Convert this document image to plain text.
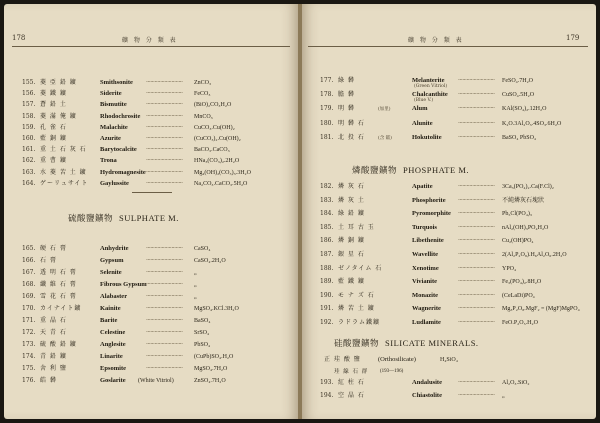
178	礦 物 分 類 表
155. 菱 亞 鉛 鑛	Smithsonite ··························	ZnCO₃
156. 菱 鐵 鑛	Siderite	··························	FeCO₃
157. 蒼 鉛 土	Bismutite	··························	(BiO)₂CO₃H₂O
158. 菱 滿 俺 鑛	Rhodochrosite ··························	MnCO₃
159. 孔 雀 石	Malachite	··························	CuCO₃.Cu(OH)₂
160. 藍 銅 鑛	Azurite	··························	(CuCO₃)₂.Cu(OH)₂
161. 重 土 石 灰 石 Barytocalcite ··························	BaCO₃.CaCO₃
162. 重 曹 鑛	Trona	··························	HNa₃(CO₃)₂.2H₂O
163. 水 菱 苦 土 鑛 Hydromagnesite ··························	Mg₄(OH)₂(CO₃)₃.3H₂O
164. ゲーリュサイト Gaylussite	··························	Na₂CO₃.CaCO₃.5H₂O
硫酸鹽鑛物 SULPHATE M.
165. 硬 石 膏	Anhydrite	··························	CaSO₄
166. 石 膏	Gypsum	··························	CaSO₄.2H₂O
167. 透 明 石 膏	Selenite	··························	„
168. 纖 維 石 膏	Fibrous Gypsum ··························	„
169. 雪 花 石 膏	Alabaster	··························	„
170. カイナイト鑛	Kainite	··························	MgSO₄.KCl.3H₂O
171. 重 晶 石	Barite	··························	BaSO₄
172. 天 青 石	Celestine	··························	SrSO₄
173. 硫 酸 鉛 鑛	Anglesite	··························	PbSO₄
174. 青 鉛 鑛	Linarite	··························	(CuPb)SO₄.H₂O
175. 舍 利 鹽	Epsomite	··························	MgSO₄.7H₂O
176. 皓 礬	Goslarite (White Vitriol)	ZnSO₄.7H₂O
礦 物 分 類 表	179
177. 綠 礬	Melanterite
(Green Vitriol)
··························	FeSO₄.7H₂O
178. 膽 礬	Chalcanthite
(Blue V.)
··························	CuSO₄.5H₂O
179. 明 礬	(加里)	Alum	··························	KAl(SO₄)₂.12H₂O
180. 明 礬 石	Alunite	··························	K₂O.3Al₂O₃.4SO₃.6H₂O
181. 北 投 石	(含 鐳)	Hokutolite	··························	BaSO₄ PbSO₄
燐酸鹽鑛物 PHOSPHATE M.
182. 燐 灰 石	Apatite	··························	3Ca₃(PO₄)₂.Ca(F.Cl)₂
183. 燐 灰 土	Phosphorite ··························	不純燐灰石塊狀
184. 綠 鉛 鑛	Pyromorphite ··························	Pb₅Cl(PO₄)₃
185. 土 耳 古 玉	Turquois	··························	nAl₂(OH)₃PO₄H₂O
186. 燐 銅 鑛	Libethenite ··························	Cu₂(OH)PO₄
187. 銀 星 石	Wavellite	··························	2(Al₂P₂O₈).H₆Al₂O₆.2H₂O
188. ゼノタイム 石	Xenotime	··························	YPO₄
189. 藍 鐵 鑛	Vivianite	··························	Fe₃(PO₄)₂.8H₂O
190. モ ナ ズ 石	Monazite	··························	(CeLaDi)PO₄
191. 燐 苦 土 鑛	Wagnerite	··························	Mg₃P₂O₈.MgF₂ = (MgF)MgPO₄
192. ラドラム鐵鑛	Ludlamite	··························	FeO.P₂O₅.H₂O
硅酸鹽鑛物 SILICATE MINERALS.
正 珪 酸 鹽	(Orthosilicate)	H₄SiO₄
珪 線 石 群 (193—196)
193. 紅 柱 石	Andalusite	··························	Al₂O₃.SiO₂
194. 空 晶 石	Chiastolite	··························	„
